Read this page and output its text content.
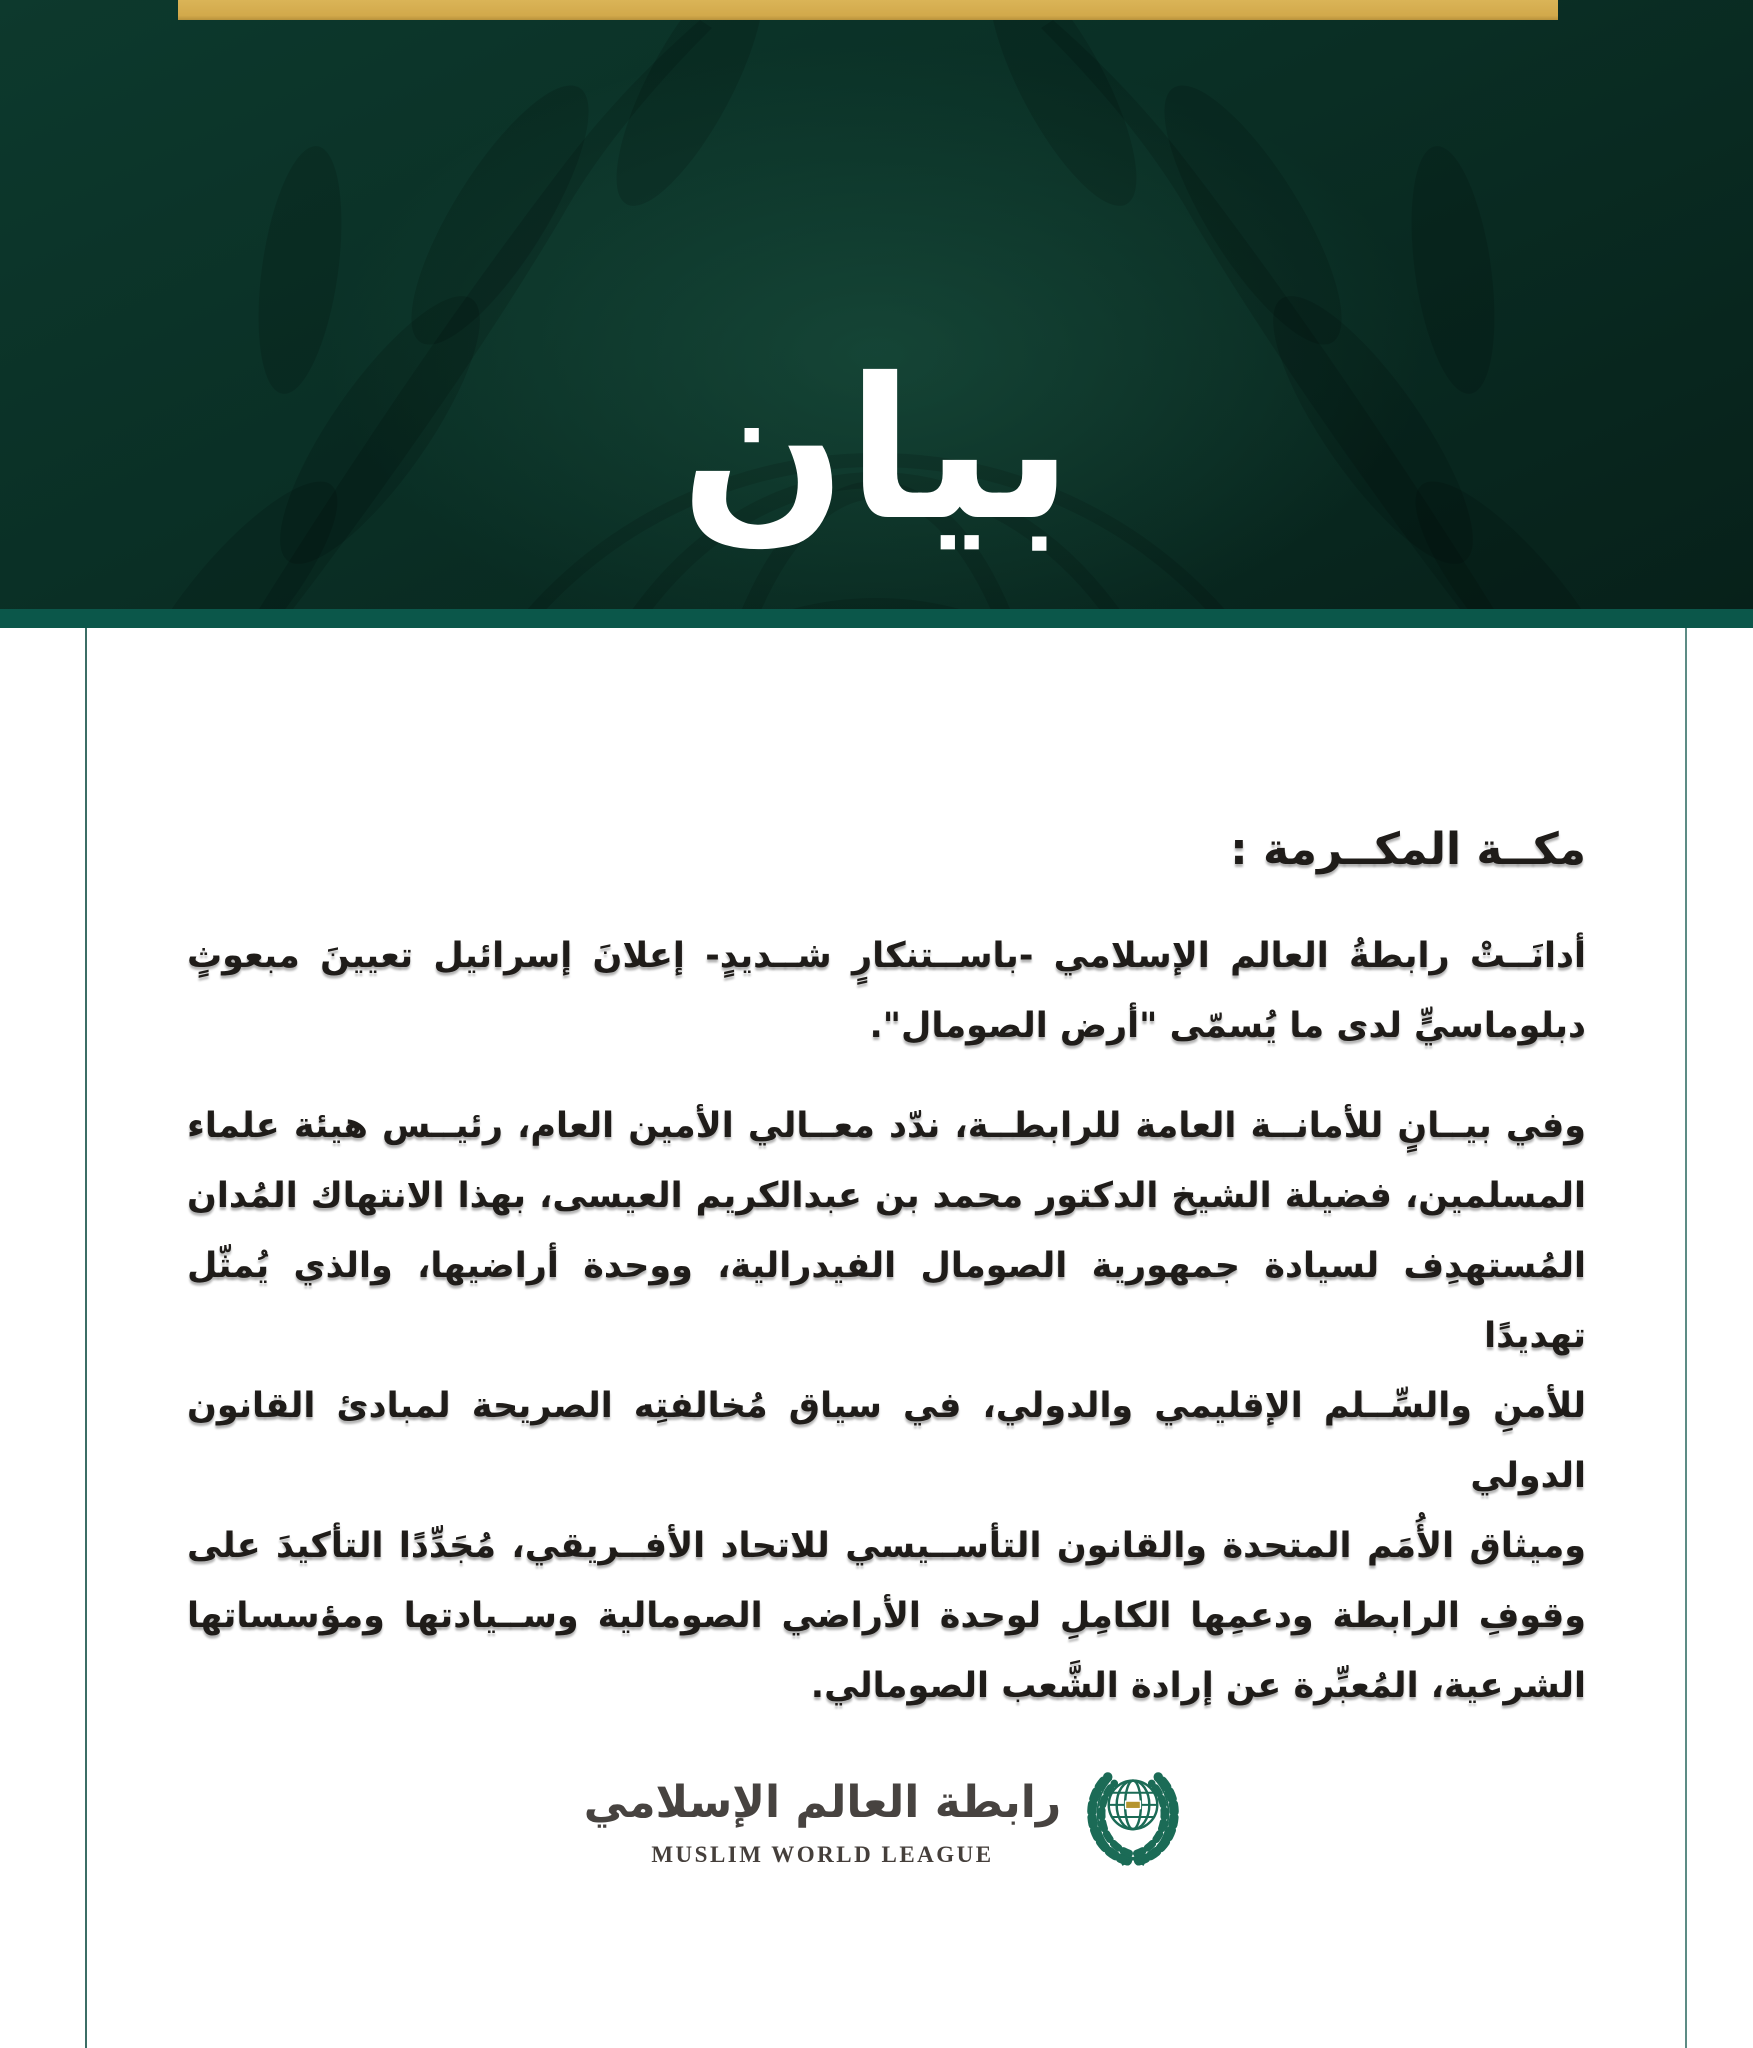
بيان
مكــة المكــرمة :
أدانَــتْ رابطةُ العالم الإسلامي -باســتنكارٍ شــديدٍ- إعلانَ إسرائيل تعيينَ مبعوثٍ
دبلوماسيٍّ لدى ما يُسمّى "أرض الصومال".
وفي بيــانٍ للأمانــة العامة للرابطــة، ندّد معــالي الأمين العام، رئيــس هيئة علماء
المسلمين، فضيلة الشيخ الدكتور محمد بن عبدالكريم العيسى، بهذا الانتهاك المُدان
المُستهدِف لسيادة جمهورية الصومال الفيدرالية، ووحدة أراضيها، والذي يُمثّل تهديدًا
للأمنِ والسِّــلم الإقليمي والدولي، في سياق مُخالفتِه الصريحة لمبادئ القانون الدولي
وميثاق الأُمَم المتحدة والقانون التأســيسي للاتحاد الأفــريقي، مُجَدِّدًا التأكيدَ على
وقوفِ الرابطة ودعمِها الكامِلِ لوحدة الأراضي الصومالية وســيادتها ومؤسساتها
الشرعية، المُعبِّرة عن إرادة الشَّعب الصومالي.
رابطة العالم الإسلامي
MUSLIM WORLD LEAGUE
